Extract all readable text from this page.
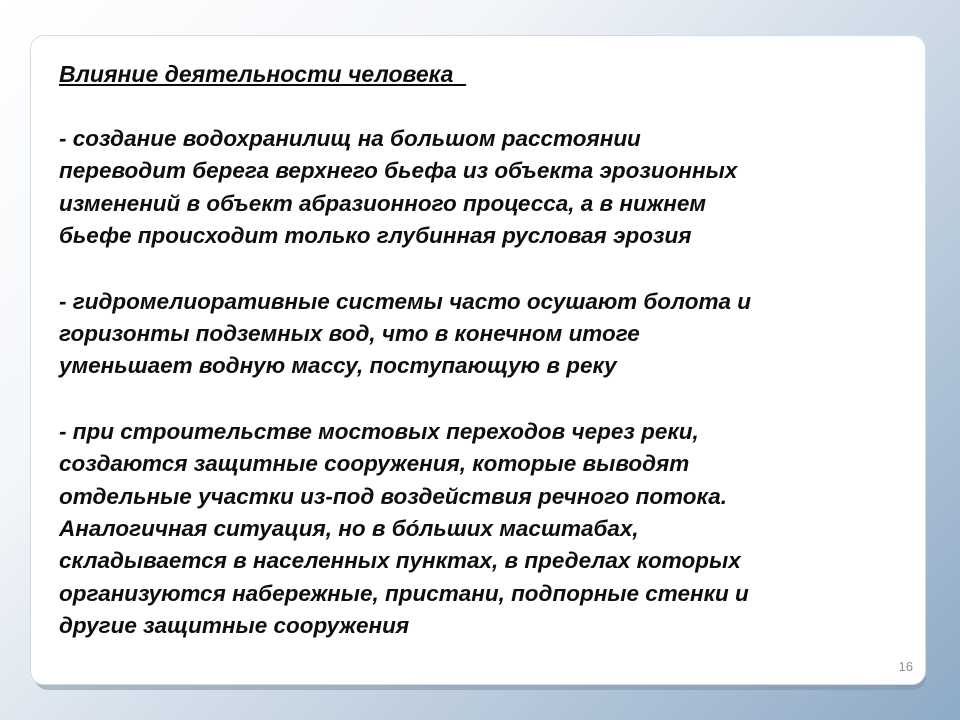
Влияние деятельности человека

- создание водохранилищ на большом расстоянии
переводит берега верхнего бьефа из объекта эрозионных
изменений в объект абразионного процесса, а в нижнем
бьефе происходит только глубинная русловая эрозия

- гидромелиоративные системы часто осушают болота и
горизонты подземных вод, что в конечном итоге
уменьшает водную массу, поступающую в реку

- при строительстве мостовых переходов через реки,
создаются защитные сооружения, которые выводят
отдельные участки из-под воздействия речного потока.
Аналогичная ситуация, но в бóльших масштабах,
складывается в населенных пунктах, в пределах которых
организуются набережные, пристани, подпорные стенки и
другие защитные сооружения

16
